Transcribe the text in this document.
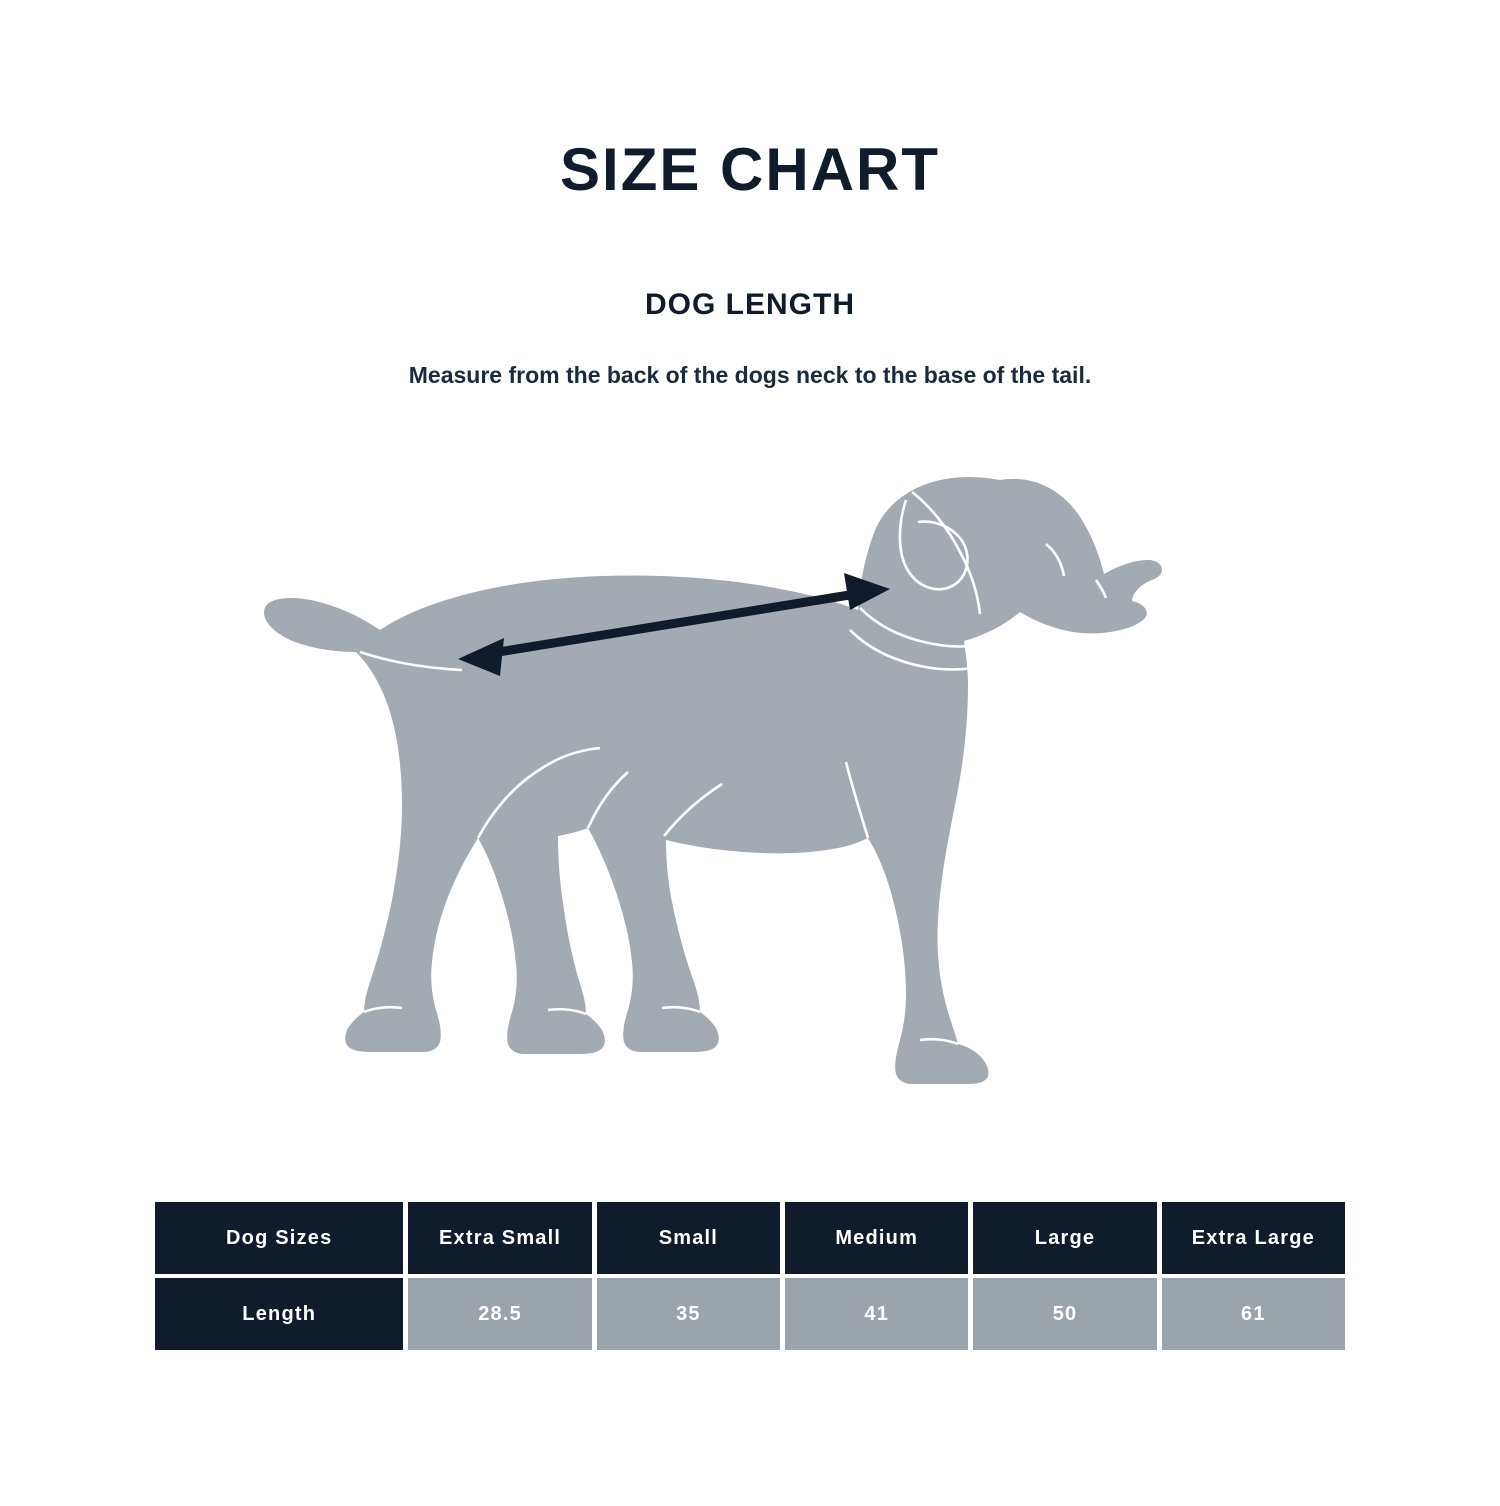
SIZE CHART
DOG LENGTH
Measure from the back of the dogs neck to the base of the tail.
Dog Sizes	Extra Small	Small	Medium	Large	Extra Large
Length	28.5	35	41	50	61
